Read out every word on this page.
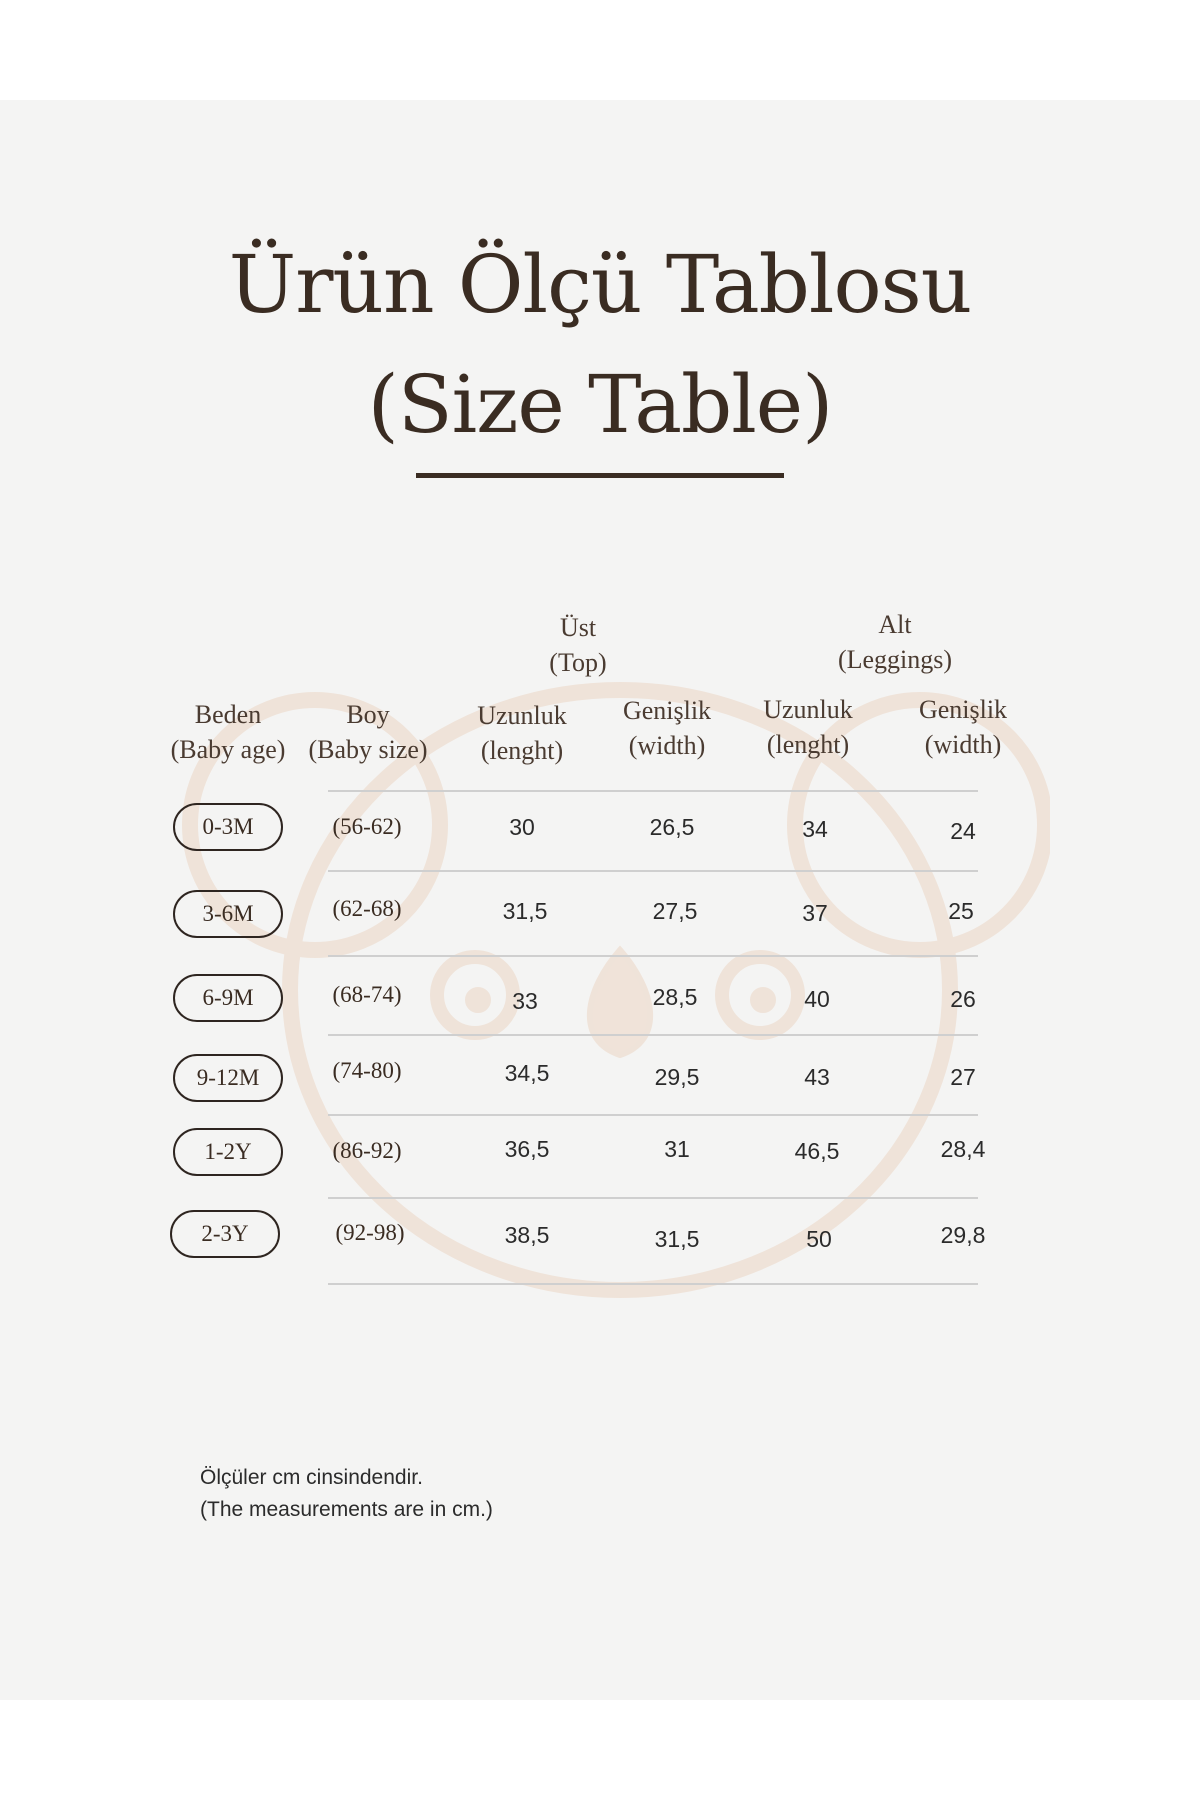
Ürün Ölçü Tablosu
(Size Table)
Üst
(Top)
Alt
(Leggings)
Beden
(Baby age)
Boy
(Baby size)
Uzunluk
(lenght)
Genişlik
(width)
Uzunluk
(lenght)
Genişlik
(width)
0-3M	(56-62)	30	26,5	34	24
3-6M	(62-68)	31,5	27,5	37	25
6-9M	(68-74)	33	28,5	40	26
9-12M	(74-80)	34,5	29,5	43	27
1-2Y	(86-92)	36,5	31	46,5	28,4
2-3Y	(92-98)	38,5	31,5	50	29,8
Ölçüler cm cinsindendir.
(The measurements are in cm.)
